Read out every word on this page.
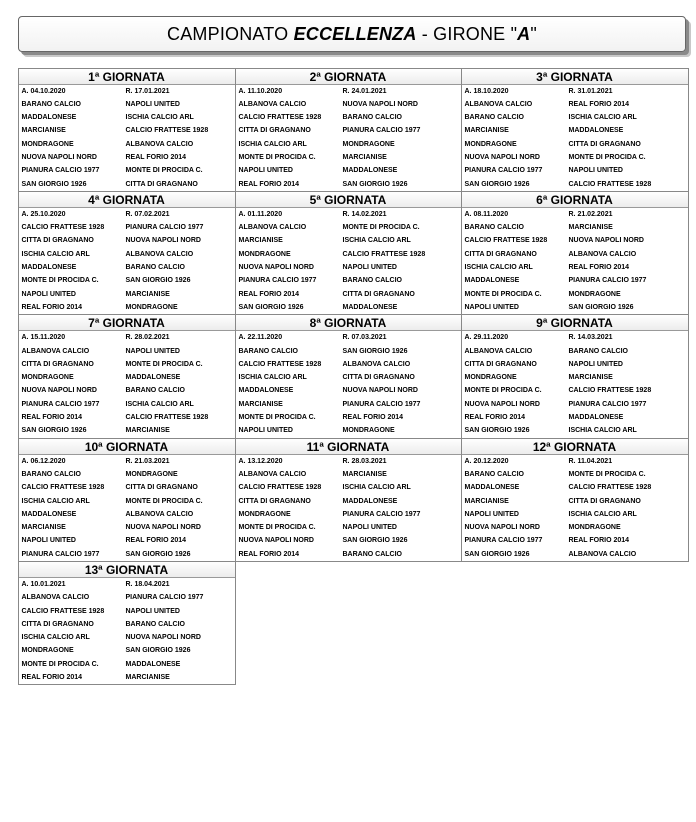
CAMPIONATO ECCELLENZA - GIRONE "A"
1ª GIORNATA
A. 04.10.2020	R. 17.01.2021
BARANO CALCIO	NAPOLI UNITED
MADDALONESE	ISCHIA CALCIO ARL
MARCIANISE	CALCIO FRATTESE 1928
MONDRAGONE	ALBANOVA CALCIO
NUOVA NAPOLI NORD	REAL FORIO 2014
PIANURA CALCIO 1977	MONTE DI PROCIDA C.
SAN GIORGIO 1926	CITTA DI GRAGNANO
2ª GIORNATA
A. 11.10.2020	R. 24.01.2021
ALBANOVA CALCIO	NUOVA NAPOLI NORD
CALCIO FRATTESE 1928	BARANO CALCIO
CITTA DI GRAGNANO	PIANURA CALCIO 1977
ISCHIA CALCIO ARL	MONDRAGONE
MONTE DI PROCIDA C.	MARCIANISE
NAPOLI UNITED	MADDALONESE
REAL FORIO 2014	SAN GIORGIO 1926
3ª GIORNATA
A. 18.10.2020	R. 31.01.2021
ALBANOVA CALCIO	REAL FORIO 2014
BARANO CALCIO	ISCHIA CALCIO ARL
MARCIANISE	MADDALONESE
MONDRAGONE	CITTA DI GRAGNANO
NUOVA NAPOLI NORD	MONTE DI PROCIDA C.
PIANURA CALCIO 1977	NAPOLI UNITED
SAN GIORGIO 1926	CALCIO FRATTESE 1928
4ª GIORNATA
A. 25.10.2020	R. 07.02.2021
CALCIO FRATTESE 1928	PIANURA CALCIO 1977
CITTA DI GRAGNANO	NUOVA NAPOLI NORD
ISCHIA CALCIO ARL	ALBANOVA CALCIO
MADDALONESE	BARANO CALCIO
MONTE DI PROCIDA C.	SAN GIORGIO 1926
NAPOLI UNITED	MARCIANISE
REAL FORIO 2014	MONDRAGONE
5ª GIORNATA
A. 01.11.2020	R. 14.02.2021
ALBANOVA CALCIO	MONTE DI PROCIDA C.
MARCIANISE	ISCHIA CALCIO ARL
MONDRAGONE	CALCIO FRATTESE 1928
NUOVA NAPOLI NORD	NAPOLI UNITED
PIANURA CALCIO 1977	BARANO CALCIO
REAL FORIO 2014	CITTA DI GRAGNANO
SAN GIORGIO 1926	MADDALONESE
6ª GIORNATA
A. 08.11.2020	R. 21.02.2021
BARANO CALCIO	MARCIANISE
CALCIO FRATTESE 1928	NUOVA NAPOLI NORD
CITTA DI GRAGNANO	ALBANOVA CALCIO
ISCHIA CALCIO ARL	REAL FORIO 2014
MADDALONESE	PIANURA CALCIO 1977
MONTE DI PROCIDA C.	MONDRAGONE
NAPOLI UNITED	SAN GIORGIO 1926
7ª GIORNATA
A. 15.11.2020	R. 28.02.2021
ALBANOVA CALCIO	NAPOLI UNITED
CITTA DI GRAGNANO	MONTE DI PROCIDA C.
MONDRAGONE	MADDALONESE
NUOVA NAPOLI NORD	BARANO CALCIO
PIANURA CALCIO 1977	ISCHIA CALCIO ARL
REAL FORIO 2014	CALCIO FRATTESE 1928
SAN GIORGIO 1926	MARCIANISE
8ª GIORNATA
A. 22.11.2020	R. 07.03.2021
BARANO CALCIO	SAN GIORGIO 1926
CALCIO FRATTESE 1928	ALBANOVA CALCIO
ISCHIA CALCIO ARL	CITTA DI GRAGNANO
MADDALONESE	NUOVA NAPOLI NORD
MARCIANISE	PIANURA CALCIO 1977
MONTE DI PROCIDA C.	REAL FORIO 2014
NAPOLI UNITED	MONDRAGONE
9ª GIORNATA
A. 29.11.2020	R. 14.03.2021
ALBANOVA CALCIO	BARANO CALCIO
CITTA DI GRAGNANO	NAPOLI UNITED
MONDRAGONE	MARCIANISE
MONTE DI PROCIDA C.	CALCIO FRATTESE 1928
NUOVA NAPOLI NORD	PIANURA CALCIO 1977
REAL FORIO 2014	MADDALONESE
SAN GIORGIO 1926	ISCHIA CALCIO ARL
10ª GIORNATA
A. 06.12.2020	R. 21.03.2021
BARANO CALCIO	MONDRAGONE
CALCIO FRATTESE 1928	CITTA DI GRAGNANO
ISCHIA CALCIO ARL	MONTE DI PROCIDA C.
MADDALONESE	ALBANOVA CALCIO
MARCIANISE	NUOVA NAPOLI NORD
NAPOLI UNITED	REAL FORIO 2014
PIANURA CALCIO 1977	SAN GIORGIO 1926
11ª GIORNATA
A. 13.12.2020	R. 28.03.2021
ALBANOVA CALCIO	MARCIANISE
CALCIO FRATTESE 1928	ISCHIA CALCIO ARL
CITTA DI GRAGNANO	MADDALONESE
MONDRAGONE	PIANURA CALCIO 1977
MONTE DI PROCIDA C.	NAPOLI UNITED
NUOVA NAPOLI NORD	SAN GIORGIO 1926
REAL FORIO 2014	BARANO CALCIO
12ª GIORNATA
A. 20.12.2020	R. 11.04.2021
BARANO CALCIO	MONTE DI PROCIDA C.
MADDALONESE	CALCIO FRATTESE 1928
MARCIANISE	CITTA DI GRAGNANO
NAPOLI UNITED	ISCHIA CALCIO ARL
NUOVA NAPOLI NORD	MONDRAGONE
PIANURA CALCIO 1977	REAL FORIO 2014
SAN GIORGIO 1926	ALBANOVA CALCIO
13ª GIORNATA
A. 10.01.2021	R. 18.04.2021
ALBANOVA CALCIO	PIANURA CALCIO 1977
CALCIO FRATTESE 1928	NAPOLI UNITED
CITTA DI GRAGNANO	BARANO CALCIO
ISCHIA CALCIO ARL	NUOVA NAPOLI NORD
MONDRAGONE	SAN GIORGIO 1926
MONTE DI PROCIDA C.	MADDALONESE
REAL FORIO 2014	MARCIANISE
